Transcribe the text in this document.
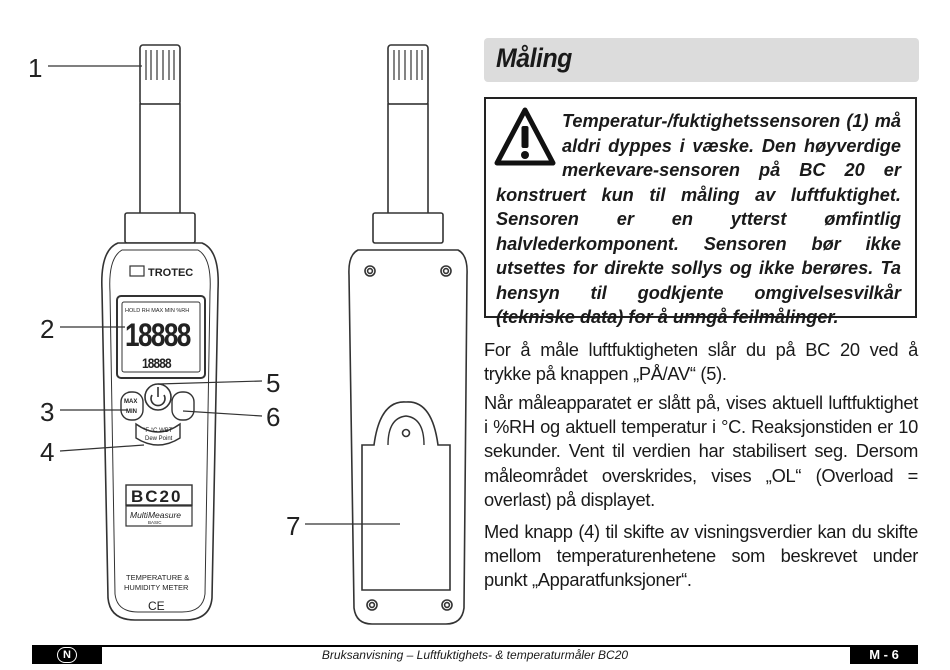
TROTEC
HOLD RH MAX MIN %RH
18888
18888
MAX
MIN
°F °C WBT
Dew Point
BC20
MultiMeasure
BASIC
TEMPERATURE &
HUMIDITY METER
CE
1
2
3
4
5
6
7
Måling
Temperatur-/fuktighetssensoren (1) må aldri dyppes i væske. Den høyverdige merkevare-sensoren på BC 20 er konstruert kun til måling av luftfuktighet. Sensoren er en ytterst ømfintlig halvlederkomponent. Sensoren bør ikke utsettes for direkte sollys og ikke berøres. Ta hensyn til godkjente omgivelsesvilkår (tekniske data) for å unngå feilmålinger.
For å måle luftfuktigheten slår du på BC 20 ved å trykke på knappen „PÅ/AV“ (5).
Når måleapparatet er slått på, vises aktuell luftfuktighet i %RH og aktuell temperatur i °C. Reaksjonstiden er 10 sekunder. Vent til verdien har stabilisert seg. Dersom måleområdet overskrides, vises „OL“ (Overload = overlast) på displayet.
Med knapp (4) til skifte av visningsverdier kan du skifte mellom temperaturenhetene som beskrevet under punkt „Apparatfunksjoner“.
N	Bruksanvisning – Luftfuktighets- & temperaturmåler BC20	M - 6
